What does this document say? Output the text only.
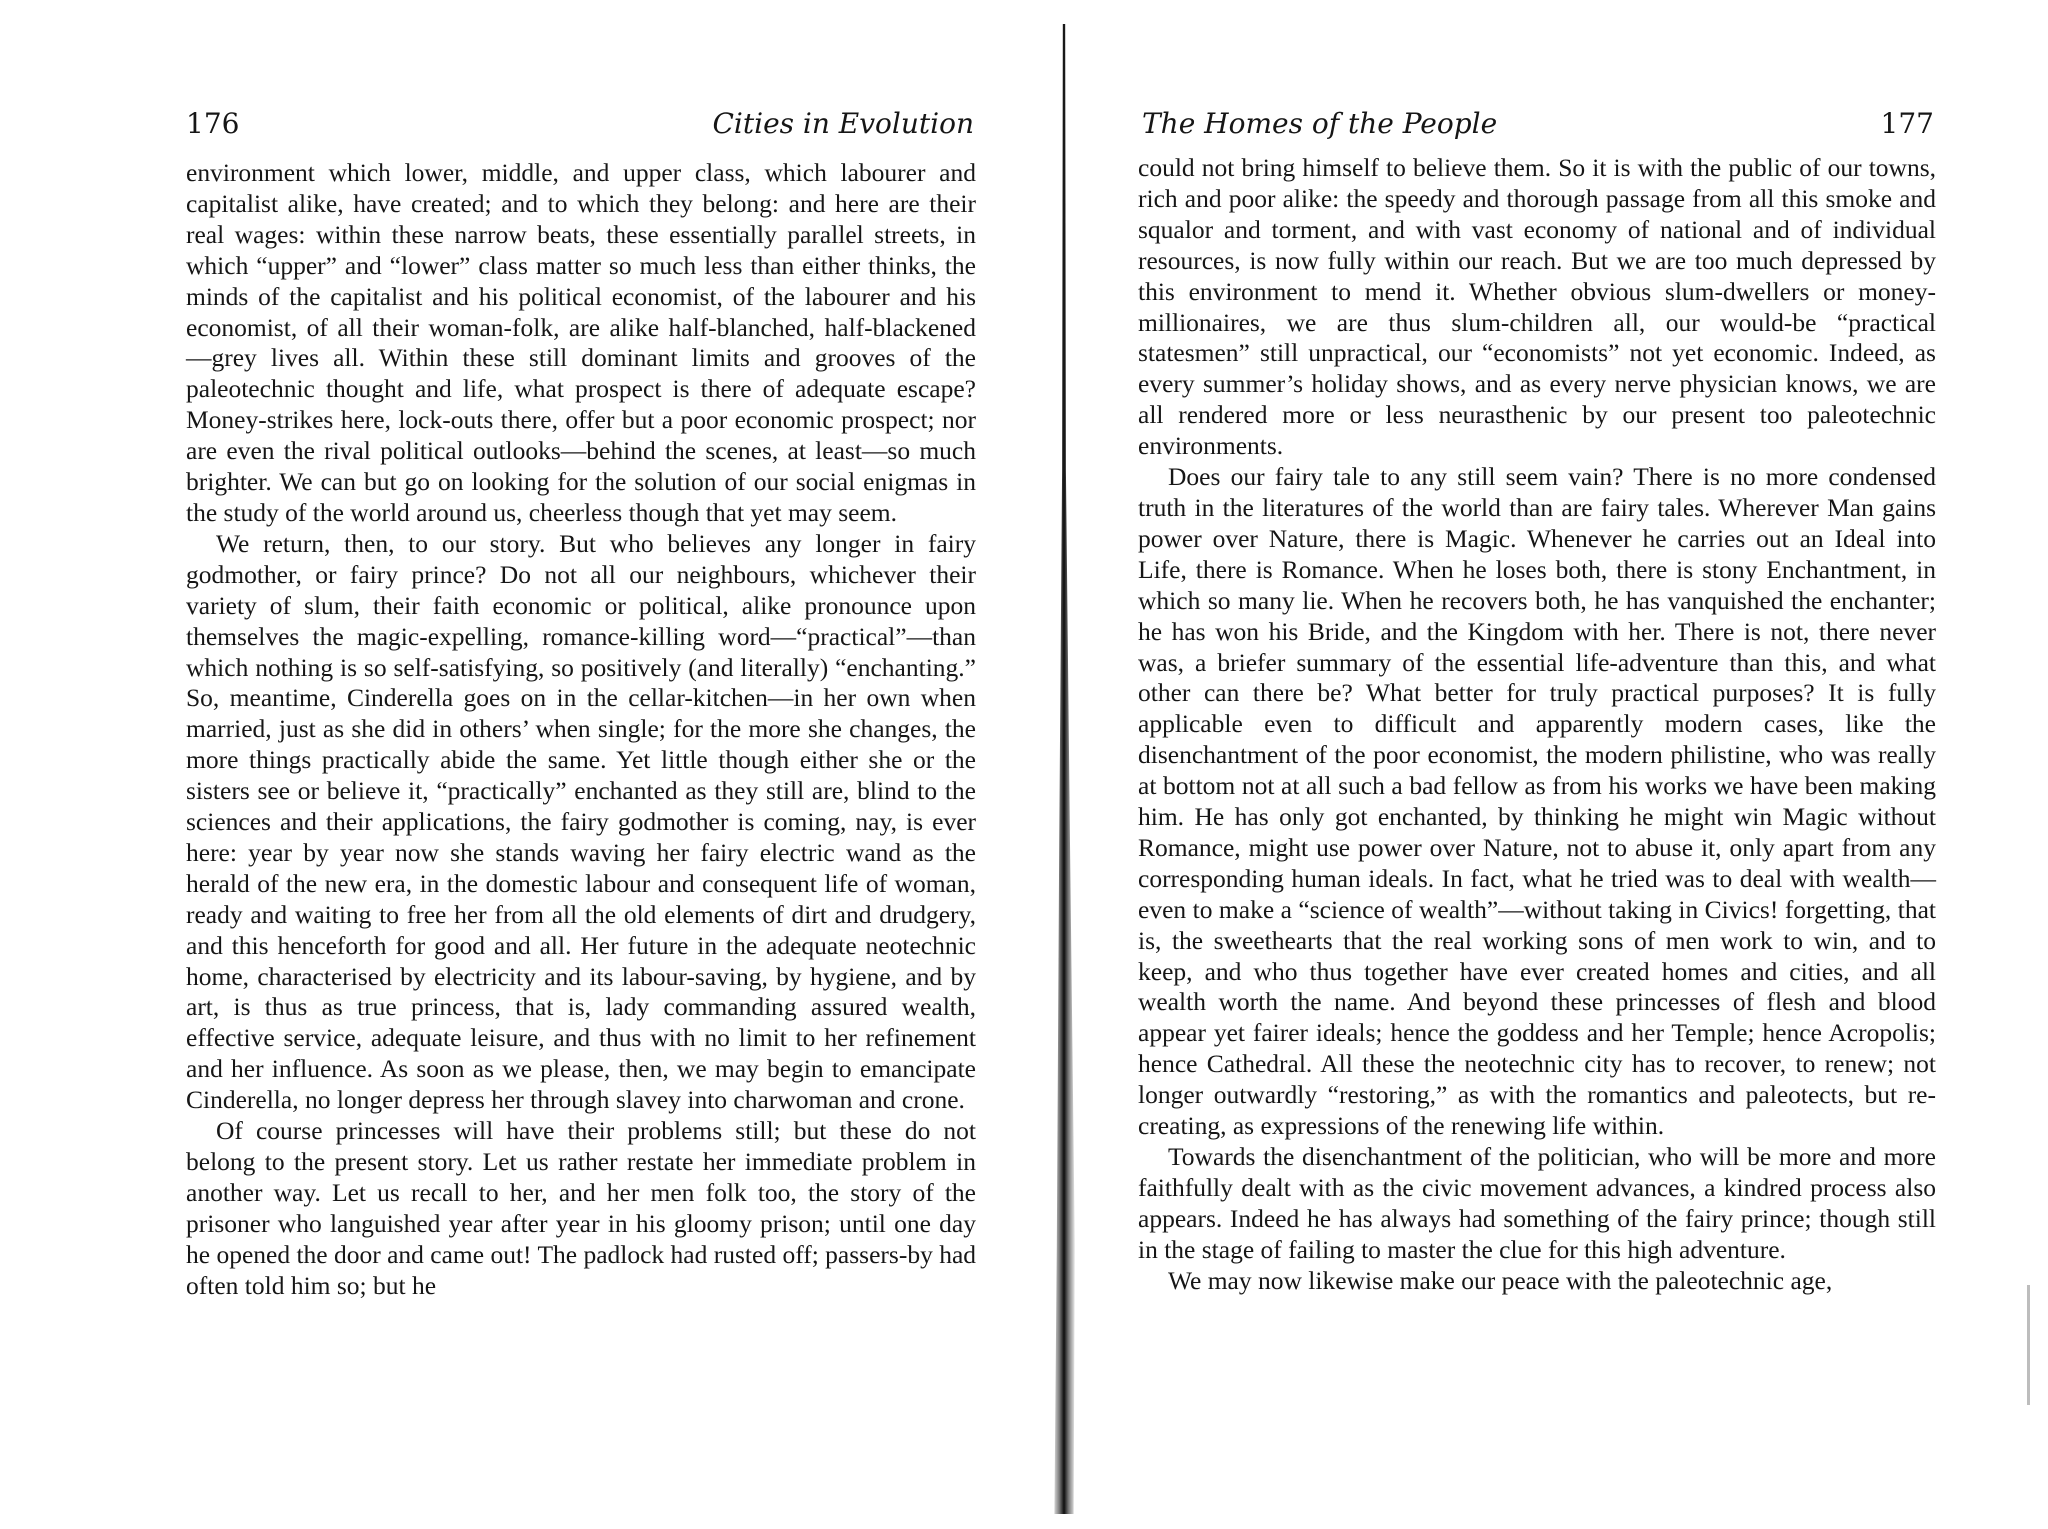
176	Cities in Evolution

environment which lower, middle, and upper class, which labourer and capitalist alike, have created; and to which they belong: and here are their real wages: within these narrow beats, these essentially parallel streets, in which “upper” and “lower” class matter so much less than either thinks, the minds of the capitalist and his political economist, of the labourer and his economist, of all their woman-folk, are alike half-blanched, half-blackened—grey lives all. Within these still dominant limits and grooves of the paleotechnic thought and life, what prospect is there of adequate escape? Money-strikes here, lock-outs there, offer but a poor economic prospect; nor are even the rival political outlooks—behind the scenes, at least—so much brighter. We can but go on looking for the solution of our social enigmas in the study of the world around us, cheerless though that yet may seem.

We return, then, to our story. But who believes any longer in fairy godmother, or fairy prince? Do not all our neighbours, whichever their variety of slum, their faith economic or political, alike pronounce upon themselves the magic-expelling, romance-killing word—“practical”—than which nothing is so self-satisfying, so positively (and literally) “enchanting.” So, meantime, Cinderella goes on in the cellar-kitchen—in her own when married, just as she did in others’ when single; for the more she changes, the more things practically abide the same. Yet little though either she or the sisters see or believe it, “practically” enchanted as they still are, blind to the sciences and their applications, the fairy godmother is coming, nay, is ever here: year by year now she stands waving her fairy electric wand as the herald of the new era, in the domestic labour and consequent life of woman, ready and waiting to free her from all the old elements of dirt and drudgery, and this henceforth for good and all. Her future in the adequate neotechnic home, characterised by electricity and its labour-saving, by hygiene, and by art, is thus as true princess, that is, lady commanding assured wealth, effective service, adequate leisure, and thus with no limit to her refinement and her influence. As soon as we please, then, we may begin to emancipate Cinderella, no longer depress her through slavey into charwoman and crone.

Of course princesses will have their problems still; but these do not belong to the present story. Let us rather restate her immediate problem in another way. Let us recall to her, and her men folk too, the story of the prisoner who languished year after year in his gloomy prison; until one day he opened the door and came out! The padlock had rusted off; passers-by had often told him so; but he

The Homes of the People	177

could not bring himself to believe them. So it is with the public of our towns, rich and poor alike: the speedy and thorough passage from all this smoke and squalor and torment, and with vast economy of national and of individual resources, is now fully within our reach. But we are too much depressed by this environment to mend it. Whether obvious slum-dwellers or money-millionaires, we are thus slum-children all, our would-be “practical statesmen” still unpractical, our “economists” not yet economic. Indeed, as every summer’s holiday shows, and as every nerve physician knows, we are all rendered more or less neurasthenic by our present too paleotechnic environments.

Does our fairy tale to any still seem vain? There is no more condensed truth in the literatures of the world than are fairy tales. Wherever Man gains power over Nature, there is Magic. Whenever he carries out an Ideal into Life, there is Romance. When he loses both, there is stony Enchantment, in which so many lie. When he recovers both, he has vanquished the enchanter; he has won his Bride, and the Kingdom with her. There is not, there never was, a briefer summary of the essential life-adventure than this, and what other can there be? What better for truly practical purposes? It is fully applicable even to difficult and apparently modern cases, like the disenchantment of the poor economist, the modern philistine, who was really at bottom not at all such a bad fellow as from his works we have been making him. He has only got enchanted, by thinking he might win Magic without Romance, might use power over Nature, not to abuse it, only apart from any corresponding human ideals. In fact, what he tried was to deal with wealth—even to make a “science of wealth”—without taking in Civics! forgetting, that is, the sweethearts that the real working sons of men work to win, and to keep, and who thus together have ever created homes and cities, and all wealth worth the name. And beyond these princesses of flesh and blood appear yet fairer ideals; hence the goddess and her Temple; hence Acropolis; hence Cathedral. All these the neotechnic city has to recover, to renew; not longer outwardly “restoring,” as with the romantics and paleotects, but re-creating, as expressions of the renewing life within.

Towards the disenchantment of the politician, who will be more and more faithfully dealt with as the civic movement advances, a kindred process also appears. Indeed he has always had something of the fairy prince; though still in the stage of failing to master the clue for this high adventure.

We may now likewise make our peace with the paleotechnic age,
